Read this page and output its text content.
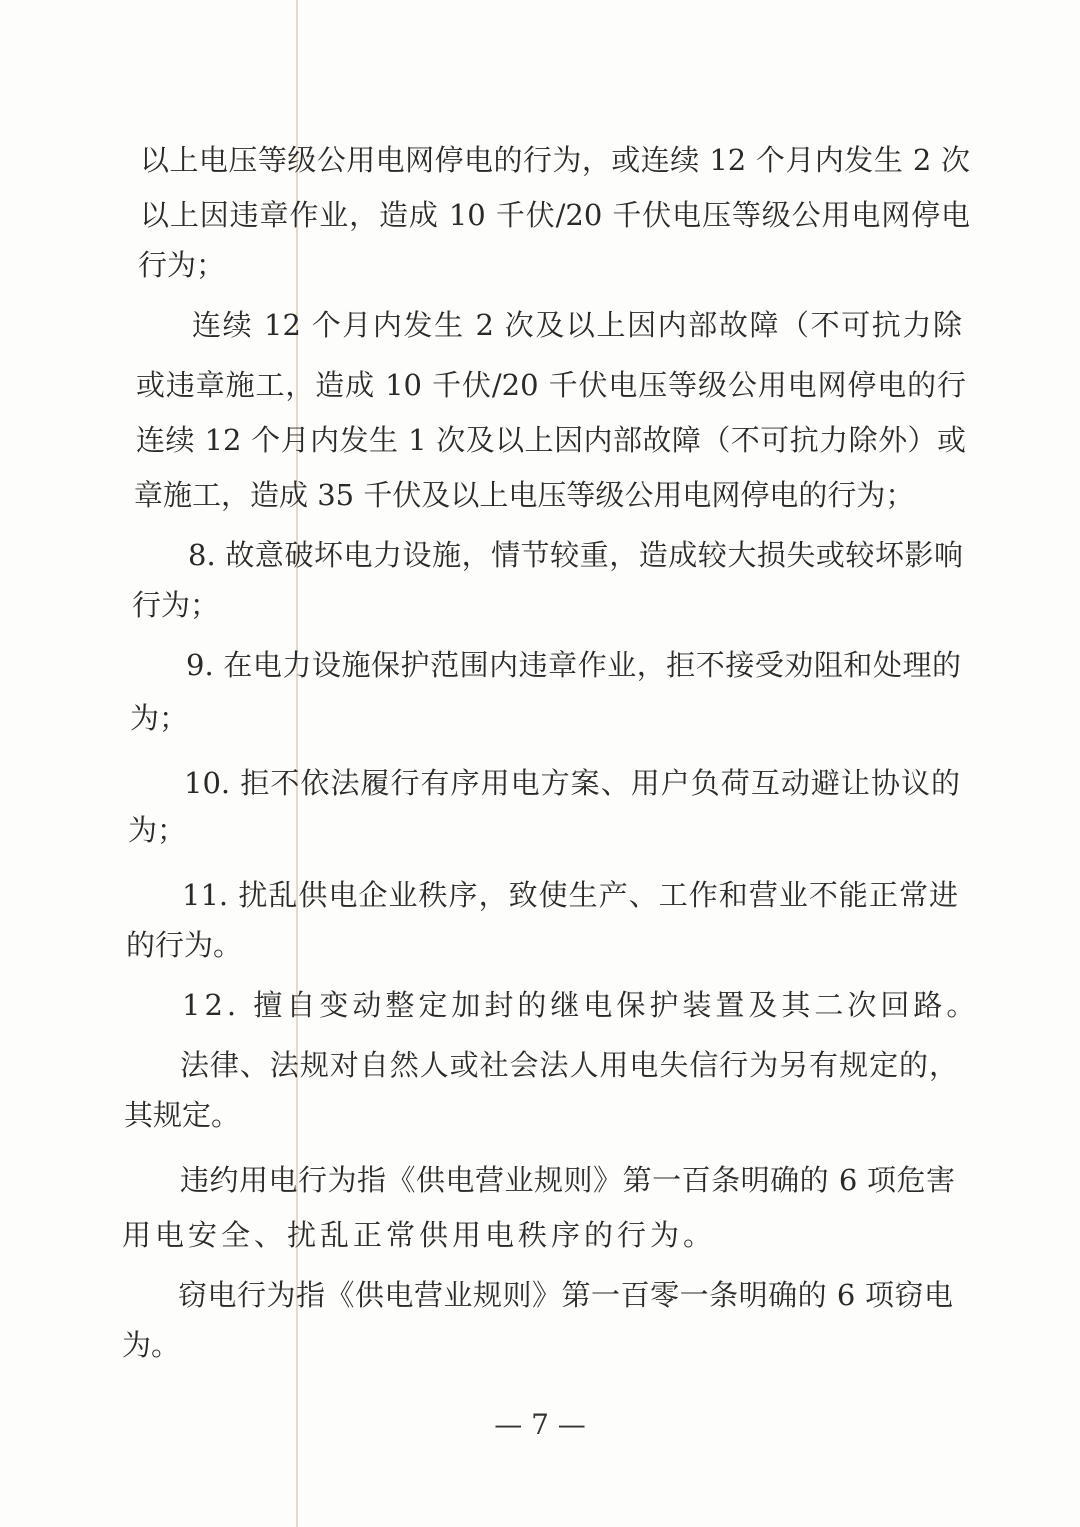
以上电压等级公用电网停电的行为，或连续 12 个月内发生 2 次
以上因违章作业，造成 10 千伏/20 千伏电压等级公用电网停电
行为；
连续 12 个月内发生 2 次及以上因内部故障（不可抗力除
或违章施工，造成 10 千伏/20 千伏电压等级公用电网停电的行
连续 12 个月内发生 1 次及以上因内部故障（不可抗力除外）或
章施工，造成 35 千伏及以上电压等级公用电网停电的行为；
8. 故意破坏电力设施，情节较重，造成较大损失或较坏影响
行为；
9. 在电力设施保护范围内违章作业，拒不接受劝阻和处理的
为；
10. 拒不依法履行有序用电方案、用户负荷互动避让协议的
为；
11. 扰乱供电企业秩序，致使生产、工作和营业不能正常进
的行为。
12. 擅自变动整定加封的继电保护装置及其二次回路。
法律、法规对自然人或社会法人用电失信行为另有规定的，
其规定。
违约用电行为指《供电营业规则》第一百条明确的 6 项危害
用电安全、扰乱正常供用电秩序的行为。
窃电行为指《供电营业规则》第一百零一条明确的 6 项窃电
为。
— 7 —
